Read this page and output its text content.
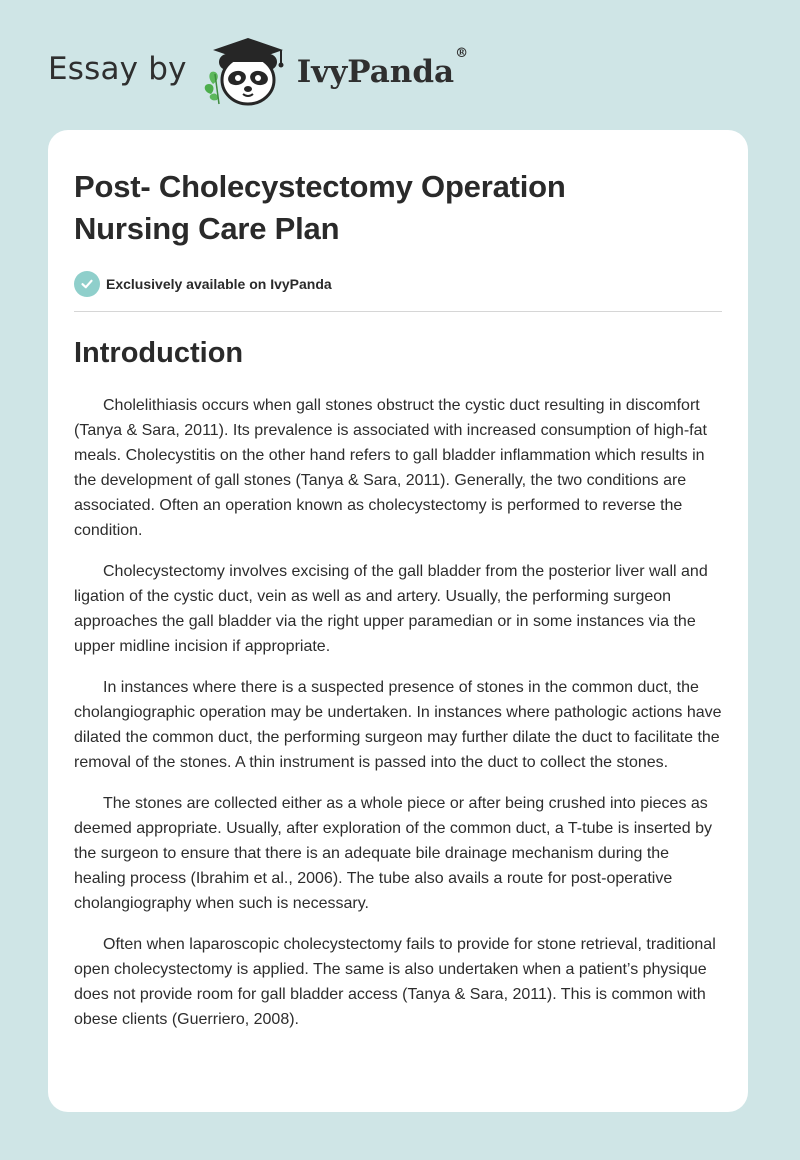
Essay by	IvyPanda®
Post- Cholecystectomy Operation
Nursing Care Plan
Exclusively available on IvyPanda
Introduction

Cholelithiasis occurs when gall stones obstruct the cystic duct resulting in discomfort (Tanya & Sara, 2011). Its prevalence is associated with increased consumption of high-fat meals. Cholecystitis on the other hand refers to gall bladder inflammation which results in the development of gall stones (Tanya & Sara, 2011). Generally, the two conditions are associated. Often an operation known as cholecystectomy is performed to reverse the condition.

Cholecystectomy involves excising of the gall bladder from the posterior liver wall and ligation of the cystic duct, vein as well as and artery. Usually, the performing surgeon approaches the gall bladder via the right upper paramedian or in some instances via the upper midline incision if appropriate.

In instances where there is a suspected presence of stones in the common duct, the cholangiographic operation may be undertaken. In instances where pathologic actions have dilated the common duct, the performing surgeon may further dilate the duct to facilitate the removal of the stones. A thin instrument is passed into the duct to collect the stones.

The stones are collected either as a whole piece or after being crushed into pieces as deemed appropriate. Usually, after exploration of the common duct, a T-tube is inserted by the surgeon to ensure that there is an adequate bile drainage mechanism during the healing process (Ibrahim et al., 2006). The tube also avails a route for post-operative cholangiography when such is necessary.

Often when laparoscopic cholecystectomy fails to provide for stone retrieval, traditional open cholecystectomy is applied. The same is also undertaken when a patient’s physique does not provide room for gall bladder access (Tanya & Sara, 2011). This is common with obese clients (Guerriero, 2008).
